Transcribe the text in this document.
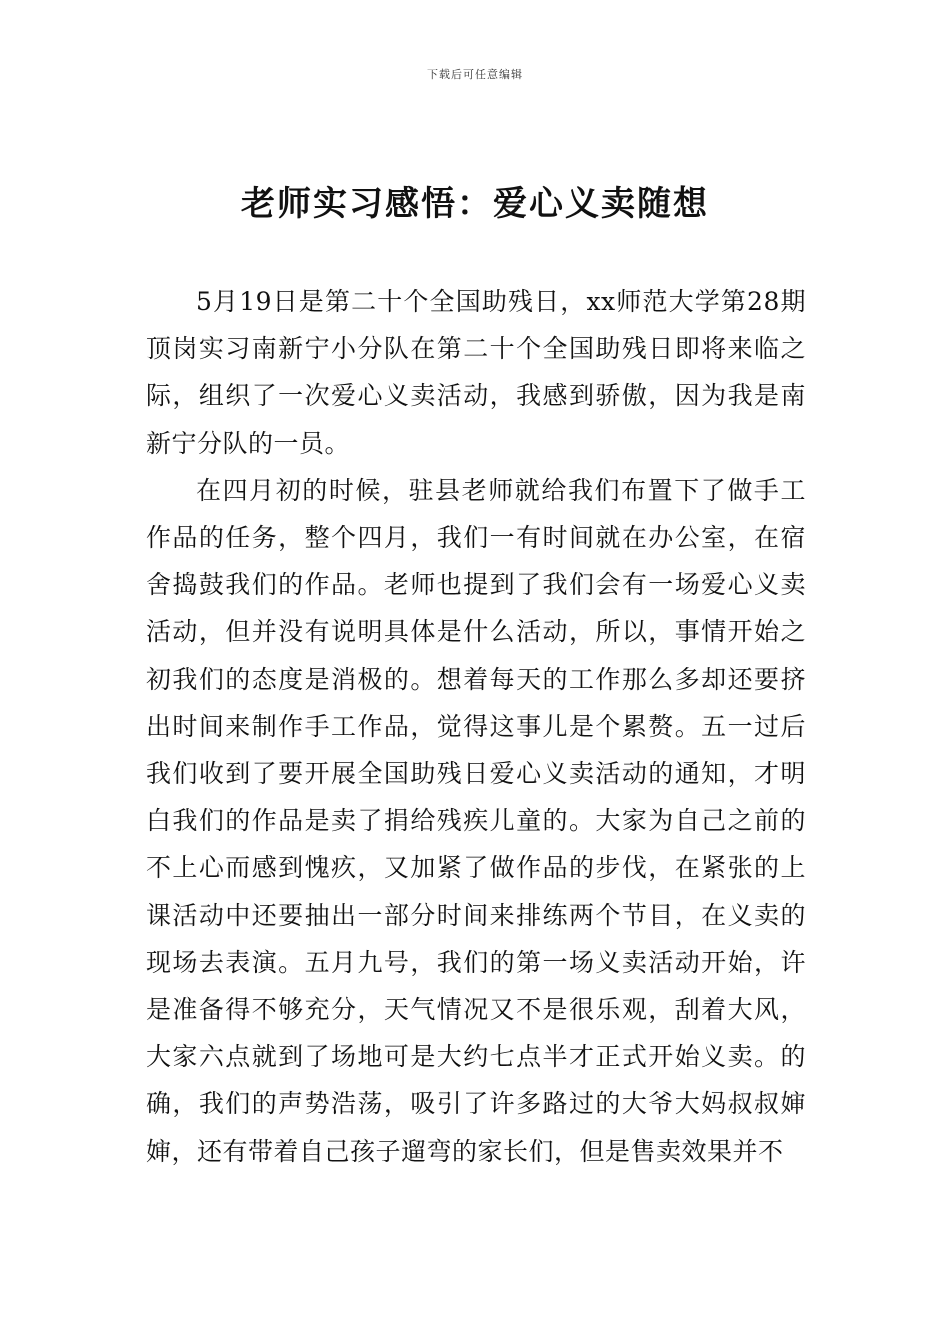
下载后可任意编辑
老师实习感悟：爱心义卖随想

5月19日是第二十个全国助残日，xx师范大学第28期顶岗实习南新宁小分队在第二十个全国助残日即将来临之际，组织了一次爱心义卖活动，我感到骄傲，因为我是南新宁分队的一员。

在四月初的时候，驻县老师就给我们布置下了做手工作品的任务，整个四月，我们一有时间就在办公室，在宿舍捣鼓我们的作品。老师也提到了我们会有一场爱心义卖活动，但并没有说明具体是什么活动，所以，事情开始之初我们的态度是消极的。想着每天的工作那么多却还要挤出时间来制作手工作品，觉得这事儿是个累赘。五一过后我们收到了要开展全国助残日爱心义卖活动的通知，才明白我们的作品是卖了捐给残疾儿童的。大家为自己之前的不上心而感到愧疚，又加紧了做作品的步伐，在紧张的上课活动中还要抽出一部分时间来排练两个节目，在义卖的现场去表演。五月九号，我们的第一场义卖活动开始，许是准备得不够充分，天气情况又不是很乐观，刮着大风，大家六点就到了场地可是大约七点半才正式开始义卖。的确，我们的声势浩荡，吸引了许多路过的大爷大妈叔叔婶婶，还有带着自己孩子遛弯的家长们，但是售卖效果并不
